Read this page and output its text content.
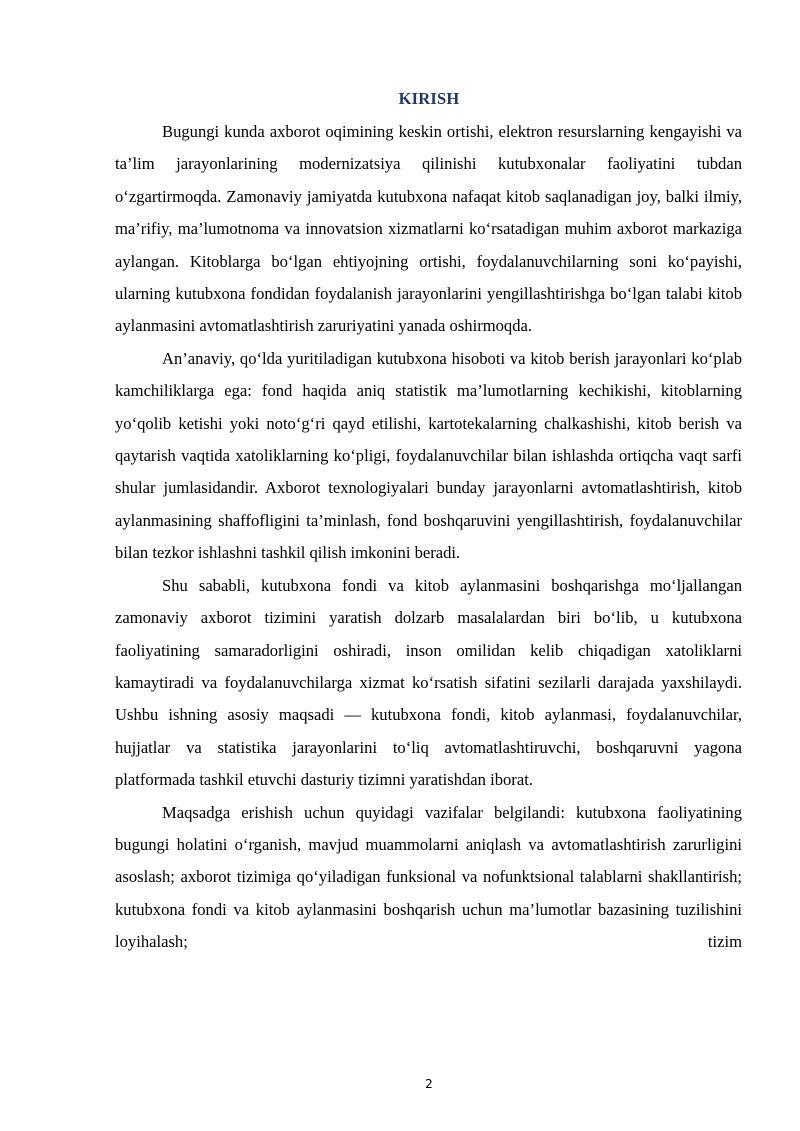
KIRISH

Bugungi kunda axborot oqimining keskin ortishi, elektron resurslarning kengayishi va ta’lim jarayonlarining modernizatsiya qilinishi kutubxonalar faoliyatini tubdan o‘zgartirmoqda. Zamonaviy jamiyatda kutubxona nafaqat kitob saqlanadigan joy, balki ilmiy, ma’rifiy, ma’lumotnoma va innovatsion xizmatlarni ko‘rsatadigan muhim axborot markaziga aylangan. Kitoblarga bo‘lgan ehtiyojning ortishi, foydalanuvchilarning soni ko‘payishi, ularning kutubxona fondidan foydalanish jarayonlarini yengillashtirishga bo‘lgan talabi kitob aylanmasini avtomatlashtirish zaruriyatini yanada oshirmoqda.

An’anaviy, qo‘lda yuritiladigan kutubxona hisoboti va kitob berish jarayonlari ko‘plab kamchiliklarga ega: fond haqida aniq statistik ma’lumotlarning kechikishi, kitoblarning yo‘qolib ketishi yoki noto‘g‘ri qayd etilishi, kartotekalarning chalkashishi, kitob berish va qaytarish vaqtida xatoliklarning ko‘pligi, foydalanuvchilar bilan ishlashda ortiqcha vaqt sarfi shular jumlasidandir. Axborot texnologiyalari bunday jarayonlarni avtomatlashtirish, kitob aylanmasining shaffofligini ta’minlash, fond boshqaruvini yengillashtirish, foydalanuvchilar bilan tezkor ishlashni tashkil qilish imkonini beradi.

Shu sababli, kutubxona fondi va kitob aylanmasini boshqarishga mo‘ljallangan zamonaviy axborot tizimini yaratish dolzarb masalalardan biri bo‘lib, u kutubxona faoliyatining samaradorligini oshiradi, inson omilidan kelib chiqadigan xatoliklarni kamaytiradi va foydalanuvchilarga xizmat ko‘rsatish sifatini sezilarli darajada yaxshilaydi. Ushbu ishning asosiy maqsadi — kutubxona fondi, kitob aylanmasi, foydalanuvchilar, hujjatlar va statistika jarayonlarini to‘liq avtomatlashtiruvchi, boshqaruvni yagona platformada tashkil etuvchi dasturiy tizimni yaratishdan iborat.

Maqsadga erishish uchun quyidagi vazifalar belgilandi: kutubxona faoliyatining bugungi holatini o‘rganish, mavjud muammolarni aniqlash va avtomatlashtirish zarurligini asoslash; axborot tizimiga qo‘yiladigan funksional va nofunktsional talablarni shakllantirish; kutubxona fondi va kitob aylanmasini boshqarish uchun ma’lumotlar bazasining tuzilishini loyihalash; tizim

2
